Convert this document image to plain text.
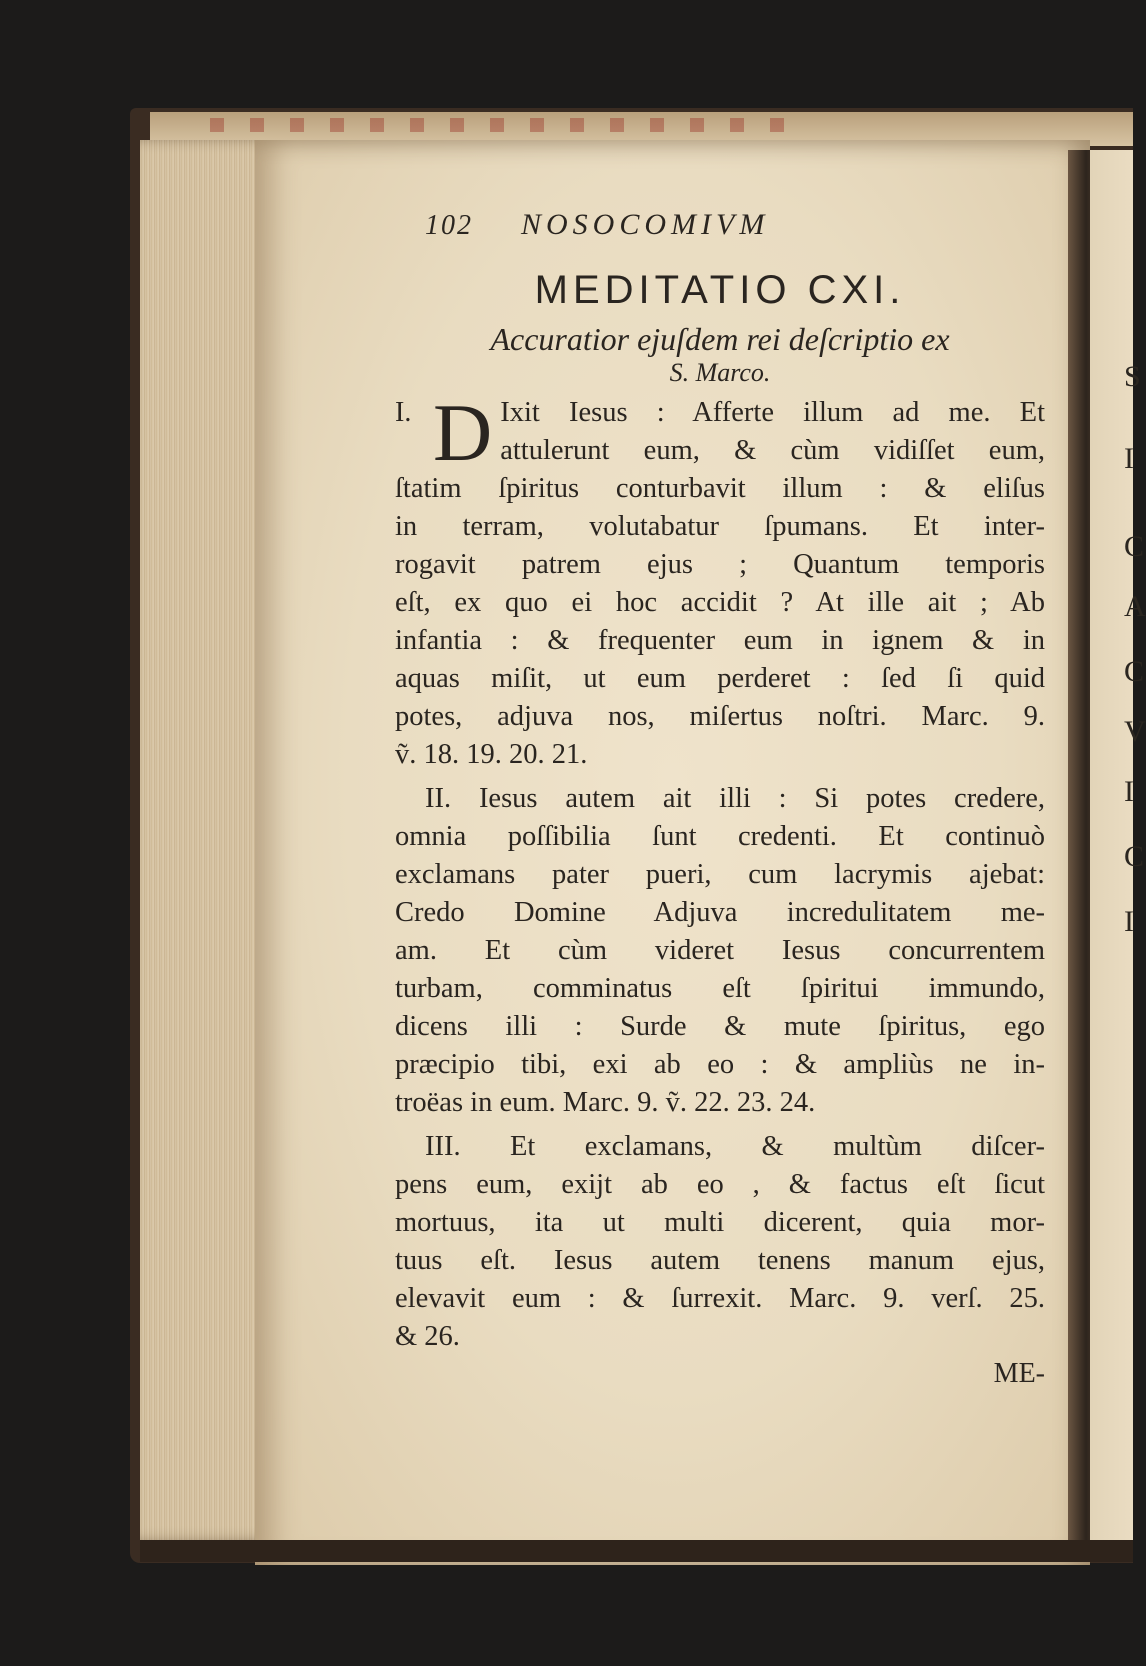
S
I
C
A
C
V
I
C
I
102 NOSOCOMIVM
MEDITATIO CXI.
Accuratior ejuſdem rei deſcriptio ex
S. Marco.
I. D Ixit Iesus : Afferte illum ad me. Et
attulerunt eum, & cùm vidiſſet eum,
ſtatim ſpiritus conturbavit illum : & eliſus
in terram, volutabatur ſpumans. Et inter-
rogavit patrem ejus ; Quantum temporis
eſt, ex quo ei hoc accidit ? At ille ait ; Ab
infantia : & frequenter eum in ignem & in
aquas miſit, ut eum perderet : ſed ſi quid
potes, adjuva nos, miſertus noſtri. Marc. 9.
ṽ. 18. 19. 20. 21.
II. Iesus autem ait illi : Si potes credere,
omnia poſſibilia ſunt credenti. Et continuò
exclamans pater pueri, cum lacrymis ajebat:
Credo Domine Adjuva incredulitatem me-
am. Et cùm videret Iesus concurrentem
turbam, comminatus eſt ſpiritui immundo,
dicens illi : Surde & mute ſpiritus, ego
præcipio tibi, exi ab eo : & ampliùs ne in-
troëas in eum. Marc. 9. ṽ. 22. 23. 24.
III. Et exclamans, & multùm diſcer-
pens eum, exijt ab eo , & factus eſt ſicut
mortuus, ita ut multi dicerent, quia mor-
tuus eſt. Iesus autem tenens manum ejus,
elevavit eum : & ſurrexit. Marc. 9. verſ. 25.
& 26.
ME-
